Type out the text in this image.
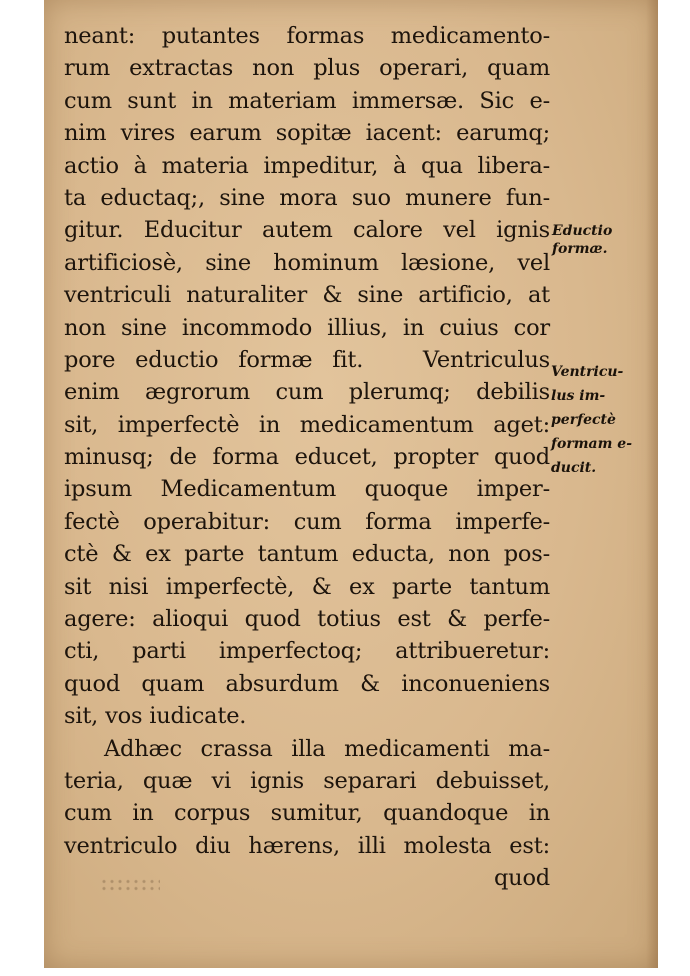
neant: putantes formas medicamento-
rum extractas non plus operari, quam
cum sunt in materiam immersæ. Sic e-
nim vires earum sopitæ iacent: earumq;
actio à materia impeditur, à qua libera-
ta eductaq;, sine mora suo munere fun-
gitur. Educitur autem calore vel ignis
artificiosè, sine hominum læsione, vel
ventriculi naturaliter & sine artificio, at
non sine incommodo illius, in cuius cor
pore eductio formæ fit.   Ventriculus
enim ægrorum cum plerumq; debilis
sit, imperfectè in medicamentum aget:
minusq; de forma educet, propter quod
ipsum Medicamentum quoque imper-
fectè operabitur: cum forma imperfe-
ctè & ex parte tantum educta, non pos-
sit nisi imperfectè, & ex parte tantum
agere: alioqui quod totius est & perfe-
cti, parti imperfectoq; attribueretur:
quod quam absurdum & inconueniens
sit, vos iudicate.
Adhæc crassa illa medicamenti ma-
teria, quæ vi ignis separari debuisset,
cum in corpus sumitur, quandoque in
ventriculo diu hærens, illi molesta est:
quod
Eductio
formæ.
Ventricu-
lus im-
perfectè
formam e-
ducit.
